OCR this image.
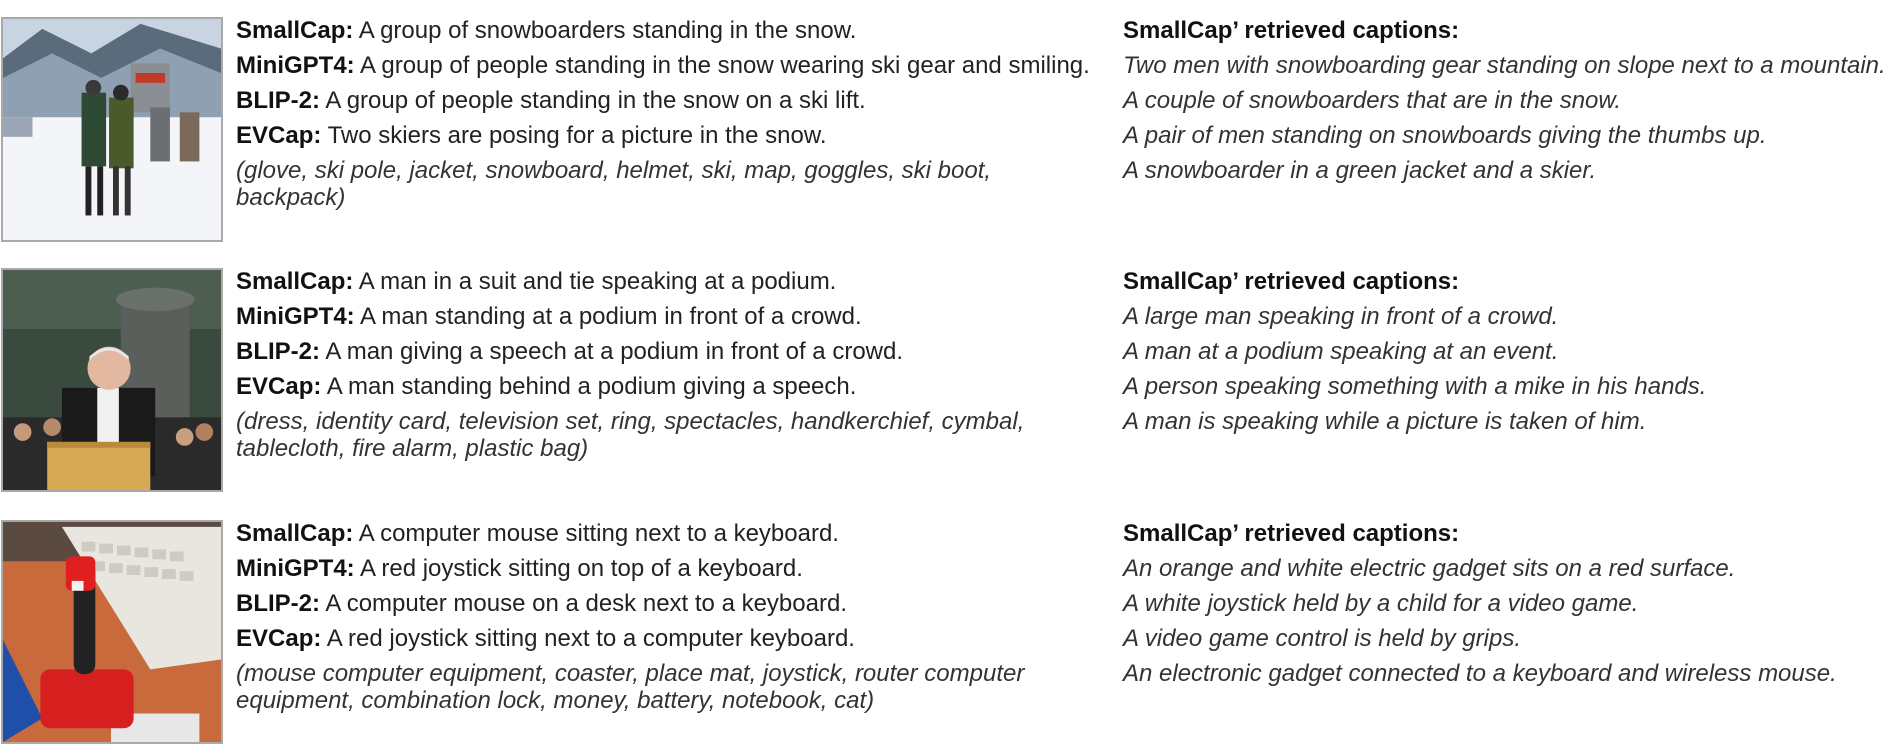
SmallCap: A group of snowboarders standing in the snow.
MiniGPT4: A group of people standing in the snow wearing ski gear and smiling.
BLIP-2: A group of people standing in the snow on a ski lift.
EVCap: Two skiers are posing for a picture in the snow.
(glove, ski pole, jacket, snowboard, helmet, ski, map, goggles, ski boot, backpack)
SmallCap’ retrieved captions:
Two men with snowboarding gear standing on slope next to a mountain.
A couple of snowboarders that are in the snow.
A pair of men standing on snowboards giving the thumbs up.
A snowboarder in a green jacket and a skier.
SmallCap: A man in a suit and tie speaking at a podium.
MiniGPT4: A man standing at a podium in front of a crowd.
BLIP-2: A man giving a speech at a podium in front of a crowd.
EVCap: A man standing behind a podium giving a speech.
(dress, identity card, television set, ring, spectacles, handkerchief, cymbal, tablecloth, fire alarm, plastic bag)
SmallCap’ retrieved captions:
A large man speaking in front of a crowd.
A man at a podium speaking at an event.
A person speaking something with a mike in his hands.
A man is speaking while a picture is taken of him.
SmallCap: A computer mouse sitting next to a keyboard.
MiniGPT4: A red joystick sitting on top of a keyboard.
BLIP-2: A computer mouse on a desk next to a keyboard.
EVCap: A red joystick sitting next to a computer keyboard.
(mouse computer equipment, coaster, place mat, joystick, router computer equipment, combination lock, money, battery, notebook, cat)
SmallCap’ retrieved captions:
An orange and white electric gadget sits on a red surface.
A white joystick held by a child for a video game.
A video game control is held by grips.
An electronic gadget connected to a keyboard and wireless mouse.
